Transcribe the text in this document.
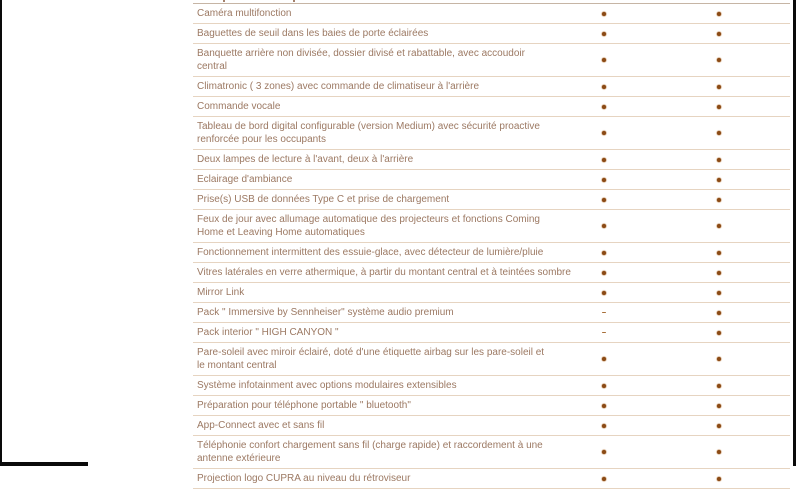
Caméra multifonction
Baguettes de seuil dans les baies de porte éclairées
Banquette arrière non divisée, dossier divisé et rabattable, avec accoudoir
central
Climatronic ( 3 zones) avec commande de climatiseur à l'arrière
Commande vocale
Tableau de bord digital configurable (version Medium) avec sécurité proactive
renforcée pour les occupants
Deux lampes de lecture à l'avant, deux à l'arrière
Eclairage d'ambiance
Prise(s) USB de données Type C et prise de chargement
Feux de jour avec allumage automatique des projecteurs et fonctions Coming
Home et Leaving Home automatiques
Fonctionnement intermittent des essuie-glace, avec détecteur de lumière/pluie
Vitres latérales en verre athermique, à partir du montant central et à teintées sombre
Mirror Link
Pack " Immersive by Sennheiser" système audio premium
Pack interior " HIGH CANYON "
Pare-soleil avec miroir éclairé, doté d'une étiquette airbag sur les pare-soleil et
le montant central
Système infotainment avec options modulaires extensibles
Préparation pour téléphone portable " bluetooth"
App-Connect avec et sans fil
Téléphonie confort chargement sans fil (charge rapide) et raccordement à une
antenne extérieure
Projection logo CUPRA au niveau du rétroviseur
